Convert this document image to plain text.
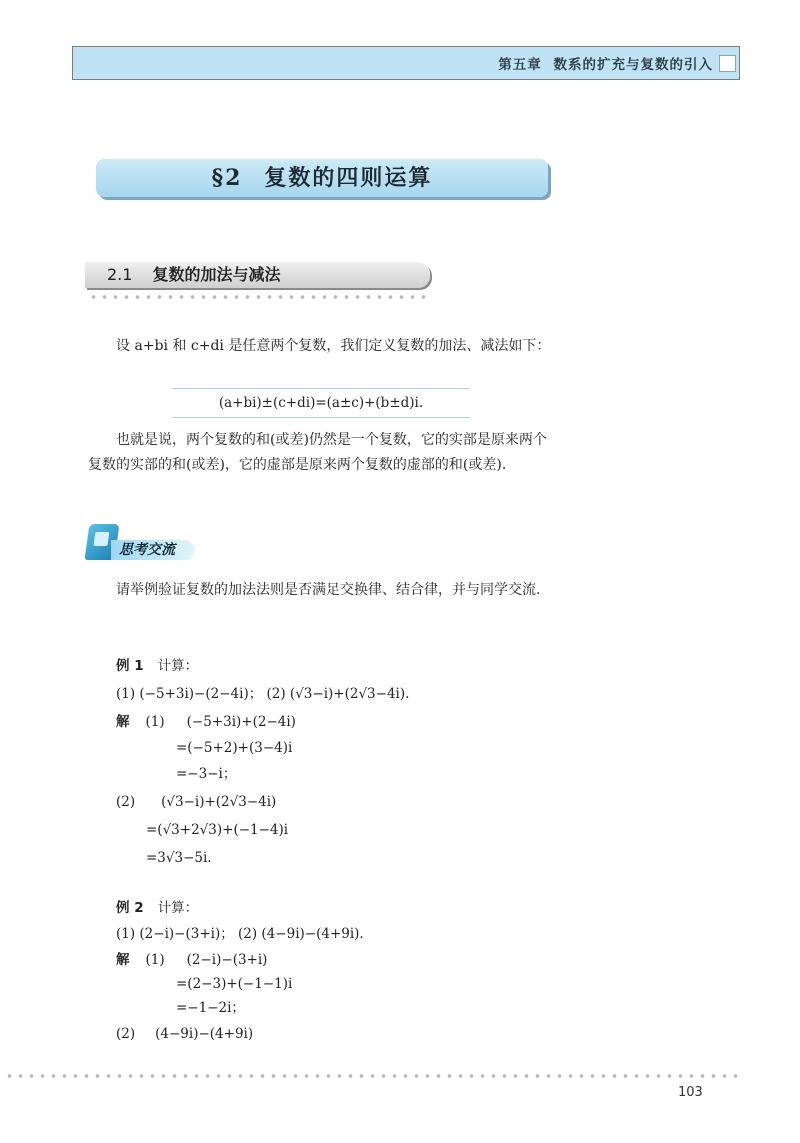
第五章 数系的扩充与复数的引入
§2 复数的四则运算
2.1 复数的加法与减法
设 a+bi 和 c+di 是任意两个复数，我们定义复数的加法、减法如下：
(a+bi)±(c+di)=(a±c)+(b±d)i.
也就是说，两个复数的和(或差)仍然是一个复数，它的实部是原来两个复数的实部的和(或差)，它的虚部是原来两个复数的虚部的和(或差).
思考交流
请举例验证复数的加法法则是否满足交换律、结合律，并与同学交流.
例 1 计算：
(1) (−5+3i)−(2−4i)； (2) (√3−i)+(2√3−4i).
解 (1) (−5+3i)+(2−4i)
=(−5+2)+(3−4)i
=−3−i；
(2) (√3−i)+(2√3−4i)
=(√3+2√3)+(−1−4)i
=3√3−5i.
例 2 计算：
(1) (2−i)−(3+i)； (2) (4−9i)−(4+9i).
解 (1) (2−i)−(3+i)
=(2−3)+(−1−1)i
=−1−2i；
(2) (4−9i)−(4+9i)
103
